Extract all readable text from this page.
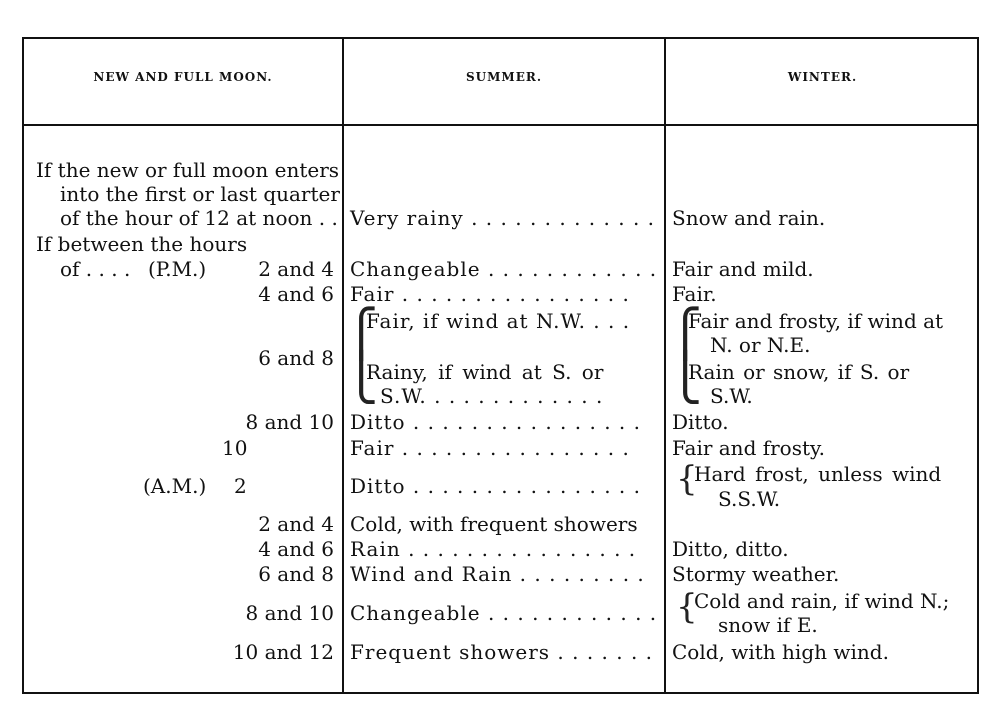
NEW AND FULL MOON.	SUMMER.	WINTER.
If the new or full moon enters
into the first or last quarter
of the hour of 12 at noon . .
If between the hours
of . . . . (P.M.)
(A.M.)
2 and 4
4 and 6
6 and 8
8 and 10
10
2
2 and 4
4 and 6
6 and 8
8 and 10
10 and 12
Very rainy . . . . . . . . . . . . .
Changeable . . . . . . . . . . . .
Fair . . . . . . . . . . . . . . . .
⎧
⎩
Fair, if wind at N.W. . . .
Rainy, if wind at S. or
S.W. . . . . . . . . . . . .
Ditto . . . . . . . . . . . . . . . .
Fair . . . . . . . . . . . . . . . .
Ditto . . . . . . . . . . . . . . . .
Cold, with frequent showers
Rain . . . . . . . . . . . . . . . .
Wind and Rain . . . . . . . . .
Changeable . . . . . . . . . . . .
Frequent showers . . . . . . .
Snow and rain.
Fair and mild.
Fair.
⎧
⎩
Fair and frosty, if wind at
N. or N.E.
Rain or snow, if S. or
S.W.
Ditto.
Fair and frosty.
{
Hard frost, unless wind
S.S.W.
Ditto, ditto.
Stormy weather.
{
Cold and rain, if wind N.;
snow if E.
Cold, with high wind.
